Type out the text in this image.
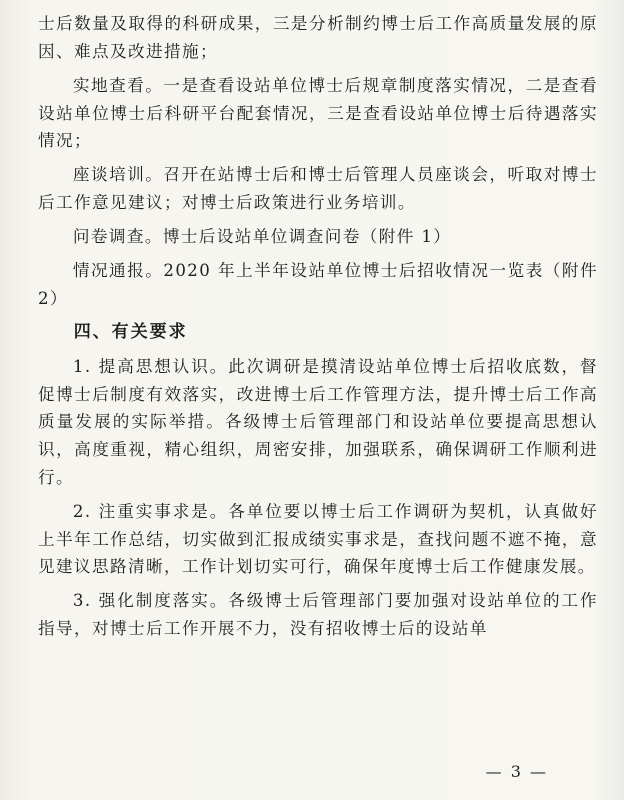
士后数量及取得的科研成果，三是分析制约博士后工作高质量发展的原因、难点及改进措施；

实地查看。一是查看设站单位博士后规章制度落实情况，二是查看设站单位博士后科研平台配套情况，三是查看设站单位博士后待遇落实情况；

座谈培训。召开在站博士后和博士后管理人员座谈会，听取对博士后工作意见建议；对博士后政策进行业务培训。

问卷调查。博士后设站单位调查问卷（附件 1）

情况通报。2020 年上半年设站单位博士后招收情况一览表（附件 2）

四、有关要求

1. 提高思想认识。此次调研是摸清设站单位博士后招收底数，督促博士后制度有效落实，改进博士后工作管理方法，提升博士后工作高质量发展的实际举措。各级博士后管理部门和设站单位要提高思想认识，高度重视，精心组织，周密安排，加强联系，确保调研工作顺利进行。

2. 注重实事求是。各单位要以博士后工作调研为契机，认真做好上半年工作总结，切实做到汇报成绩实事求是，查找问题不遮不掩，意见建议思路清晰，工作计划切实可行，确保年度博士后工作健康发展。

3. 强化制度落实。各级博士后管理部门要加强对设站单位的工作指导，对博士后工作开展不力，没有招收博士后的设站单

— 3 —
